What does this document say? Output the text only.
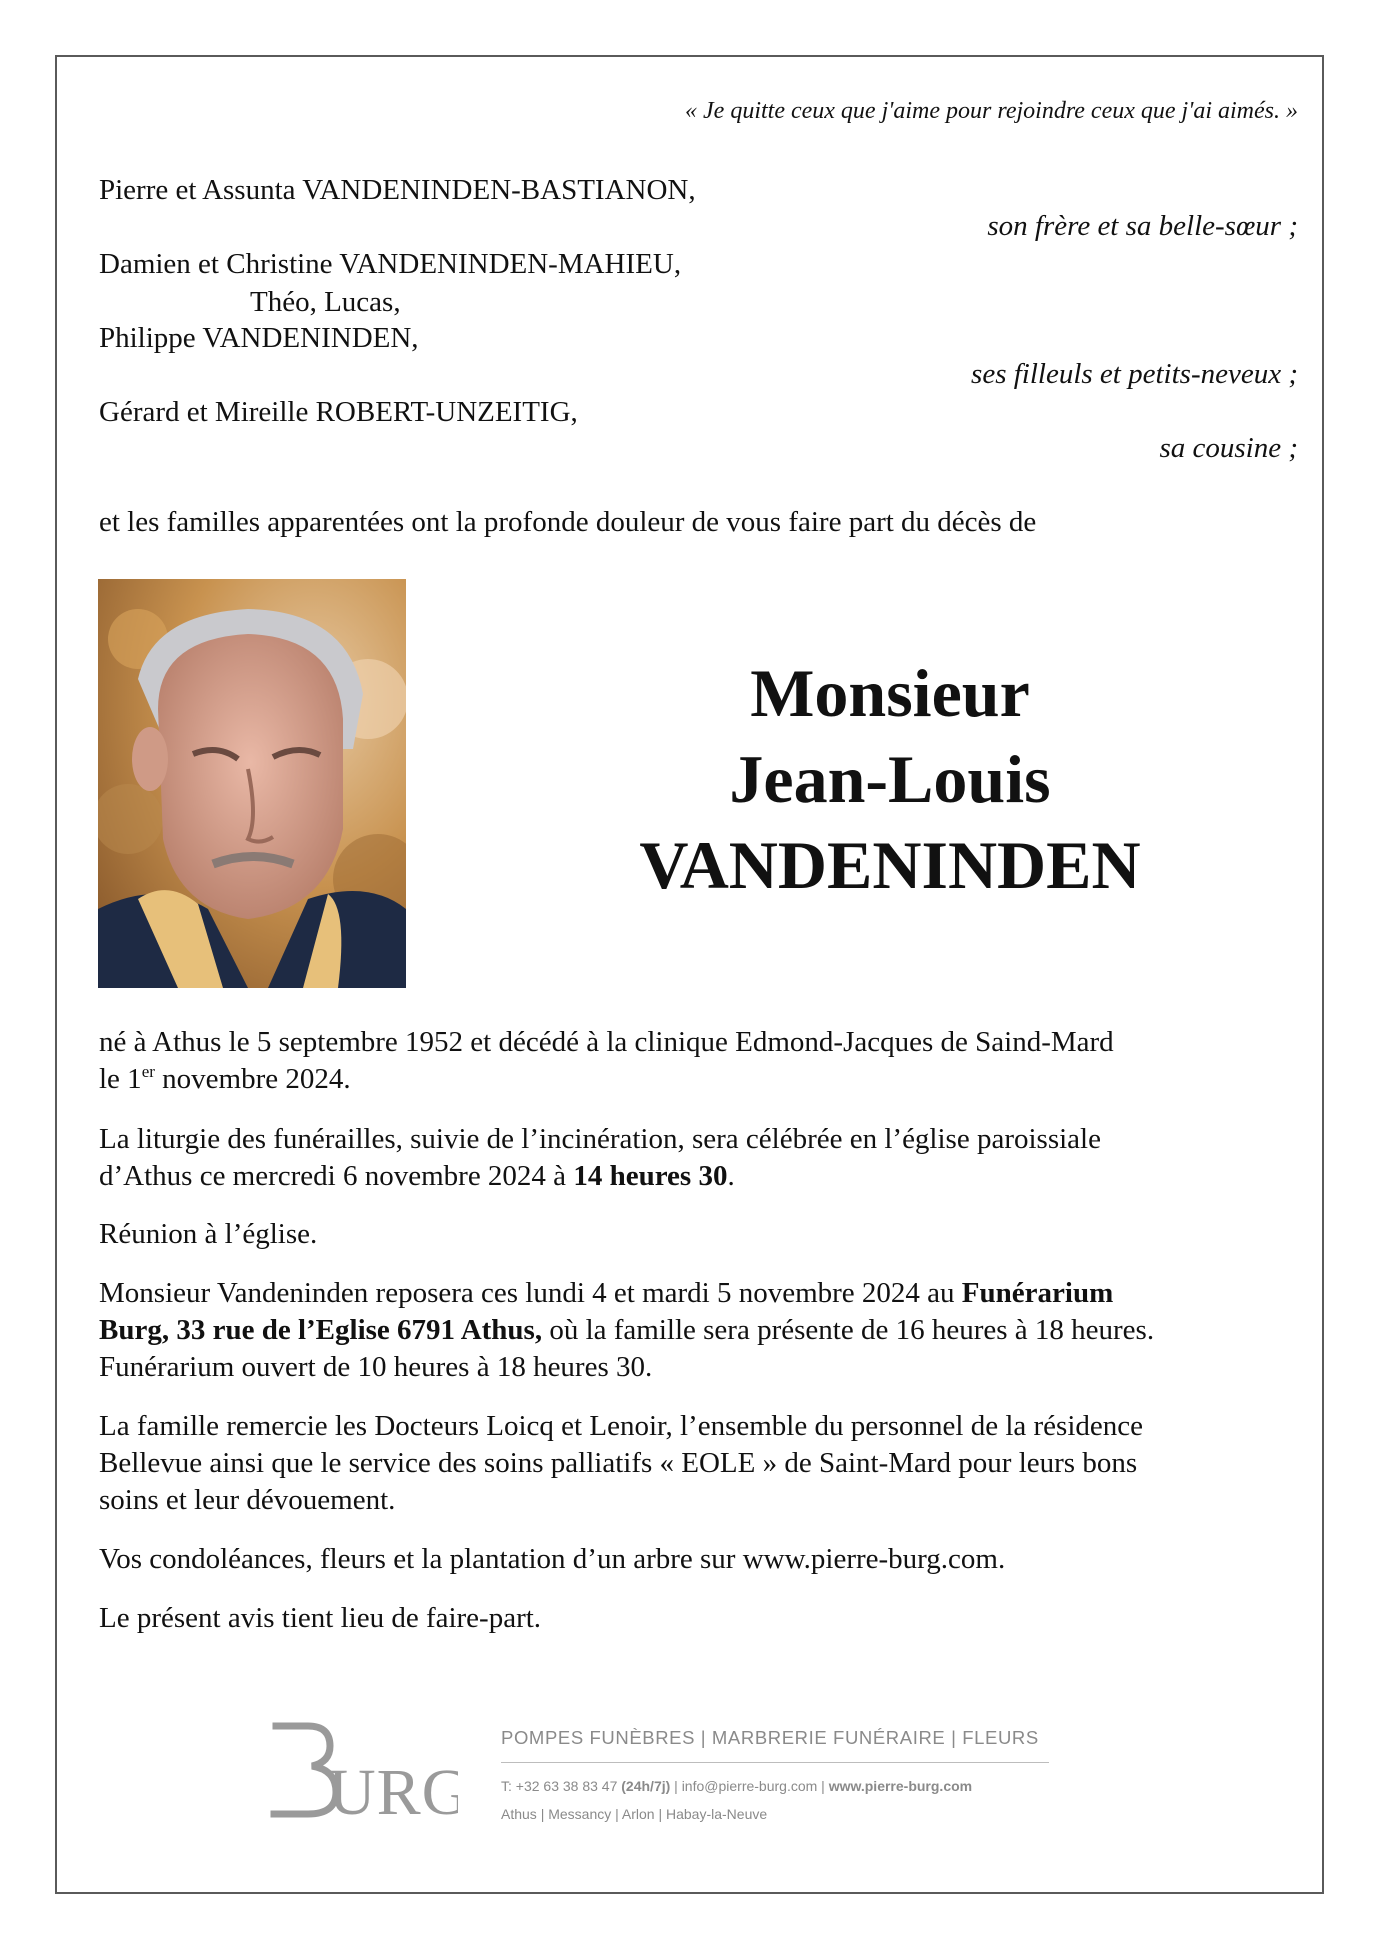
« Je quitte ceux que j'aime pour rejoindre ceux que j'ai aimés. »
Pierre et Assunta VANDENINDEN-BASTIANON,
son frère et sa belle-sœur ;
Damien et Christine VANDENINDEN-MAHIEU,
Théo, Lucas,
Philippe VANDENINDEN,
ses filleuls et petits-neveux ;
Gérard et Mireille ROBERT-UNZEITIG,
sa cousine ;
et les familles apparentées ont la profonde douleur de vous faire part du décès de
Monsieur
Jean-Louis
VANDENINDEN

né à Athus le 5 septembre 1952 et décédé à la clinique Edmond-Jacques de Saind-Mard
le 1er novembre 2024.

La liturgie des funérailles, suivie de l’incinération, sera célébrée en l’église paroissiale
d’Athus ce mercredi 6 novembre 2024 à 14 heures 30.

Réunion à l’église.

Monsieur Vandeninden reposera ces lundi 4 et mardi 5 novembre 2024 au Funérarium
Burg, 33 rue de l’Eglise 6791 Athus, où la famille sera présente de 16 heures à 18 heures.
Funérarium ouvert de 10 heures à 18 heures 30.

La famille remercie les Docteurs Loicq et Lenoir, l’ensemble du personnel de la résidence
Bellevue ainsi que le service des soins palliatifs « EOLE » de Saint-Mard pour leurs bons
soins et leur dévouement.

Vos condoléances, fleurs et la plantation d’un arbre sur www.pierre-burg.com.

Le présent avis tient lieu de faire-part.

URG
POMPES FUNÈBRES | MARBRERIE FUNÉRAIRE | FLEURS
T: +32 63 38 83 47 (24h/7j) | info@pierre-burg.com | www.pierre-burg.com
Athus | Messancy | Arlon | Habay-la-Neuve
